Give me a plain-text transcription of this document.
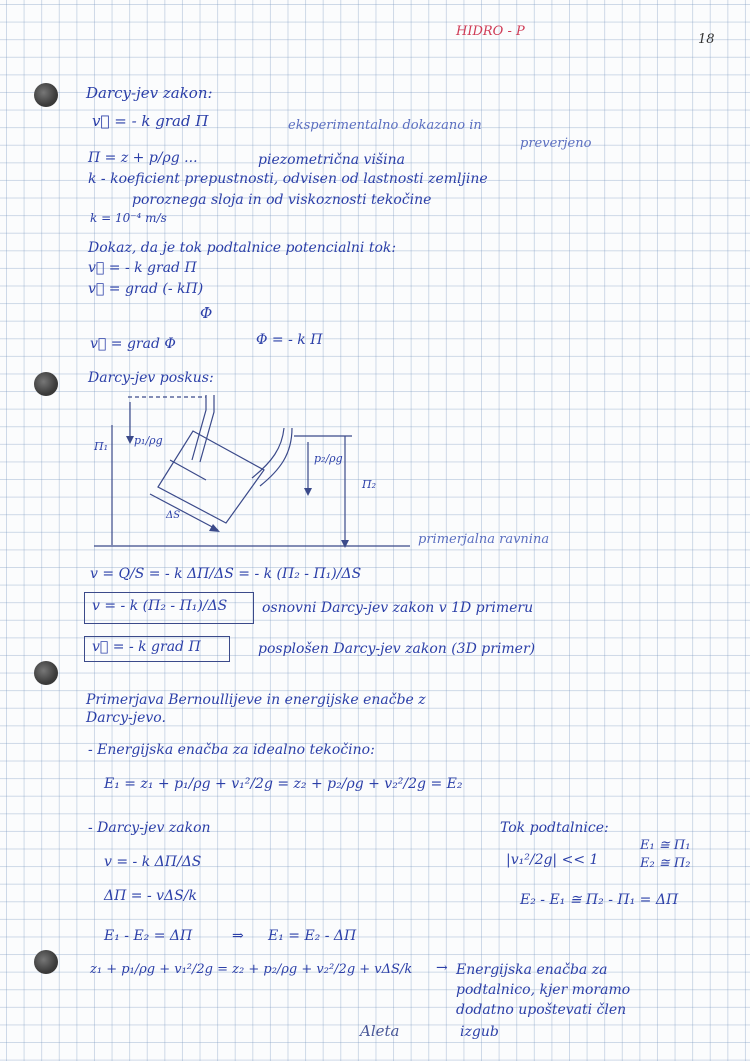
HIDRO - P
18
Darcy-jev zakon:
v⃗ = - k grad Π	eksperimentalno dokazano in
preverjeno
Π = z + p/ρg ...	piezometrična višina
k - koeficient prepustnosti, odvisen od lastnosti zemljine
poroznega sloja in od viskoznosti tekočine
k = 10⁻⁴ m/s
Dokaz, da je tok podtalnice potencialni tok:
v⃗ = - k grad Π
v⃗ = grad (- kΠ)
Φ
v⃗ = grad Φ	Φ = - k Π
Darcy-jev poskus:
Π₁ p₁/ρg
p₂/ρg
Π₂
ΔS
primerjalna ravnina
v = Q/S = - k ΔΠ/ΔS = - k (Π₂ - Π₁)/ΔS
v = - k (Π₂ - Π₁)/ΔS osnovni Darcy-jev zakon v 1D primeru
v⃗ = - k grad Π	posplošen Darcy-jev zakon (3D primer)
Primerjava Bernoullijeve in energijske enačbe z
Darcy-jevo.
- Energijska enačba za idealno tekočino:
E₁ = z₁ + p₁/ρg + v₁²/2g = z₂ + p₂/ρg + v₂²/2g = E₂
- Darcy-jev zakon
v = - k ΔΠ/ΔS
ΔΠ = - vΔS/k
Tok podtalnice:
|v₁²/2g| << 1
E₁ ≅ Π₁
E₂ ≅ Π₂
E₂ - E₁ ≅ Π₂ - Π₁ = ΔΠ
E₁ - E₂ = ΔΠ	⇒ E₁ = E₂ - ΔΠ
z₁ + p₁/ρg + v₁²/2g = z₂ + p₂/ρg + v₂²/2g + vΔS/k → Energijska enačba za
podtalnico, kjer moramo
dodatno upoštevati člen
izgub
Aleta
